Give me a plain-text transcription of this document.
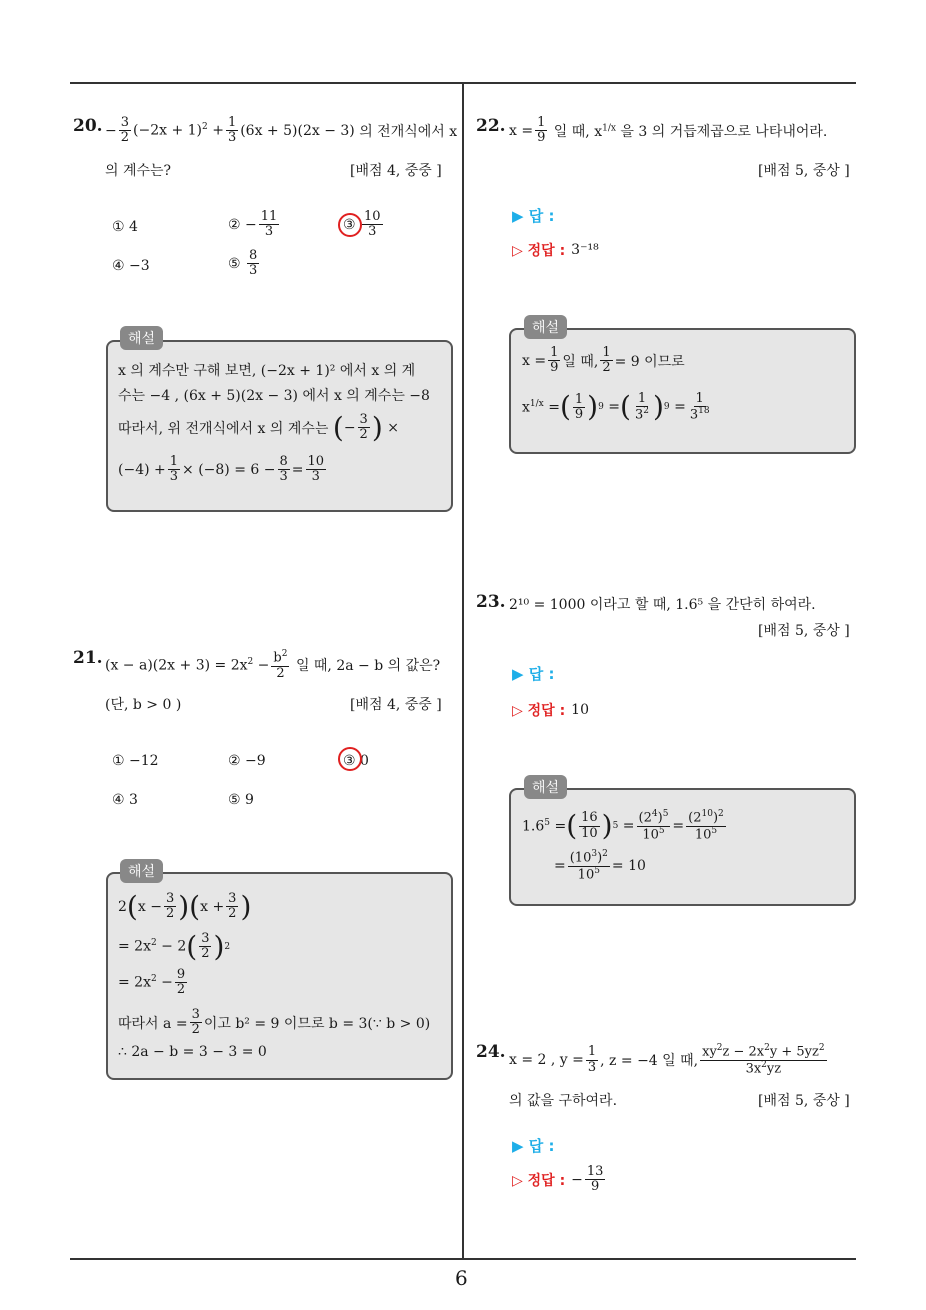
6
20. − $\frac{3}{2} (-2x + 1)^2 + \frac{1}{3} (6x + 5)(2x - 3)$ 의 전개식에서 x
의 계수는?	[배점 4, 중중 ]
① 4	② − $\frac{11}{3}$	③ $\frac{10}{3}$
④ −3	⑤ $\frac{8}{3}$
해설
x 의 계수만 구해 보면, (−2x + 1)² 에서 x 의 계
수는 −4 , (6x + 5)(2x − 3) 에서 x 의 계수는 −8
따라서, 위 전개식에서 x 의 계수는
( − $\frac{3}{2}$ ) ×
$(-4) + \frac{1}{3} \times (-8) = 6 - \frac{8}{3} = \frac{10}{3}$
21. $(x - a)(2x + 3) = 2x^2 - \frac{b^2}{2}$
일 때, 2a − b 의 값은?
(단, b > 0 )	[배점 4, 중중 ]
① −12	② −9	③ 0
④ 3	⑤ 9
해설
2 ( $x - \frac{3}{2}$ ) ( $x + \frac{3}{2}$ )
= $2x^2 - 2$ ( $\frac{3}{2}$ ) 2
= $2x^2 - \frac{9}{2}$
따라서 $a = \frac{3}{2}$ 이고 b² = 9 이므로 b = 3(∵ b > 0)
∴ 2a − b = 3 − 3 = 0
22. $x = \frac{1}{9}$ 일 때, $x^{1/x}$ 을 3 의 거듭제곱으로 나타내어라.
[배점 5, 중상 ]
▶ 답 :
▷ 정답 : 3⁻¹⁸
해설
$x = \frac{1}{9}$ 일 때, $\frac{1}{2} = 9$ 이므로
$x^{1/x}$ = ( $\frac{1}{9}$ ) 9 = ( $\frac{1}{3^2}$ ) $9 = \frac{1}{3^{18}}$
23. 2¹⁰ = 1000 이라고 할 때, 1.6⁵ 을 간단히 하여라.
[배점 5, 중상 ]
▶ 답 :
▷ 정답 : 10
해설
$1.6^5$ = ( $\frac{16}{10}$ ) $5 = \frac{(2^4)^5}{10^5} = \frac{(2^{10})^2}{10^5}$
= $\frac{(10^3)^2}{10^5} = 10$
24. x = 2 , $y = \frac{1}{3}$ , z = −4 일 때, $\frac{xy^2z - 2x^2y + 5yz^2}{3x^2yz}$
의 값을 구하여라.	[배점 5, 중상 ]
▶ 답 :
▷ 정답 : − $\frac{13}{9}$
